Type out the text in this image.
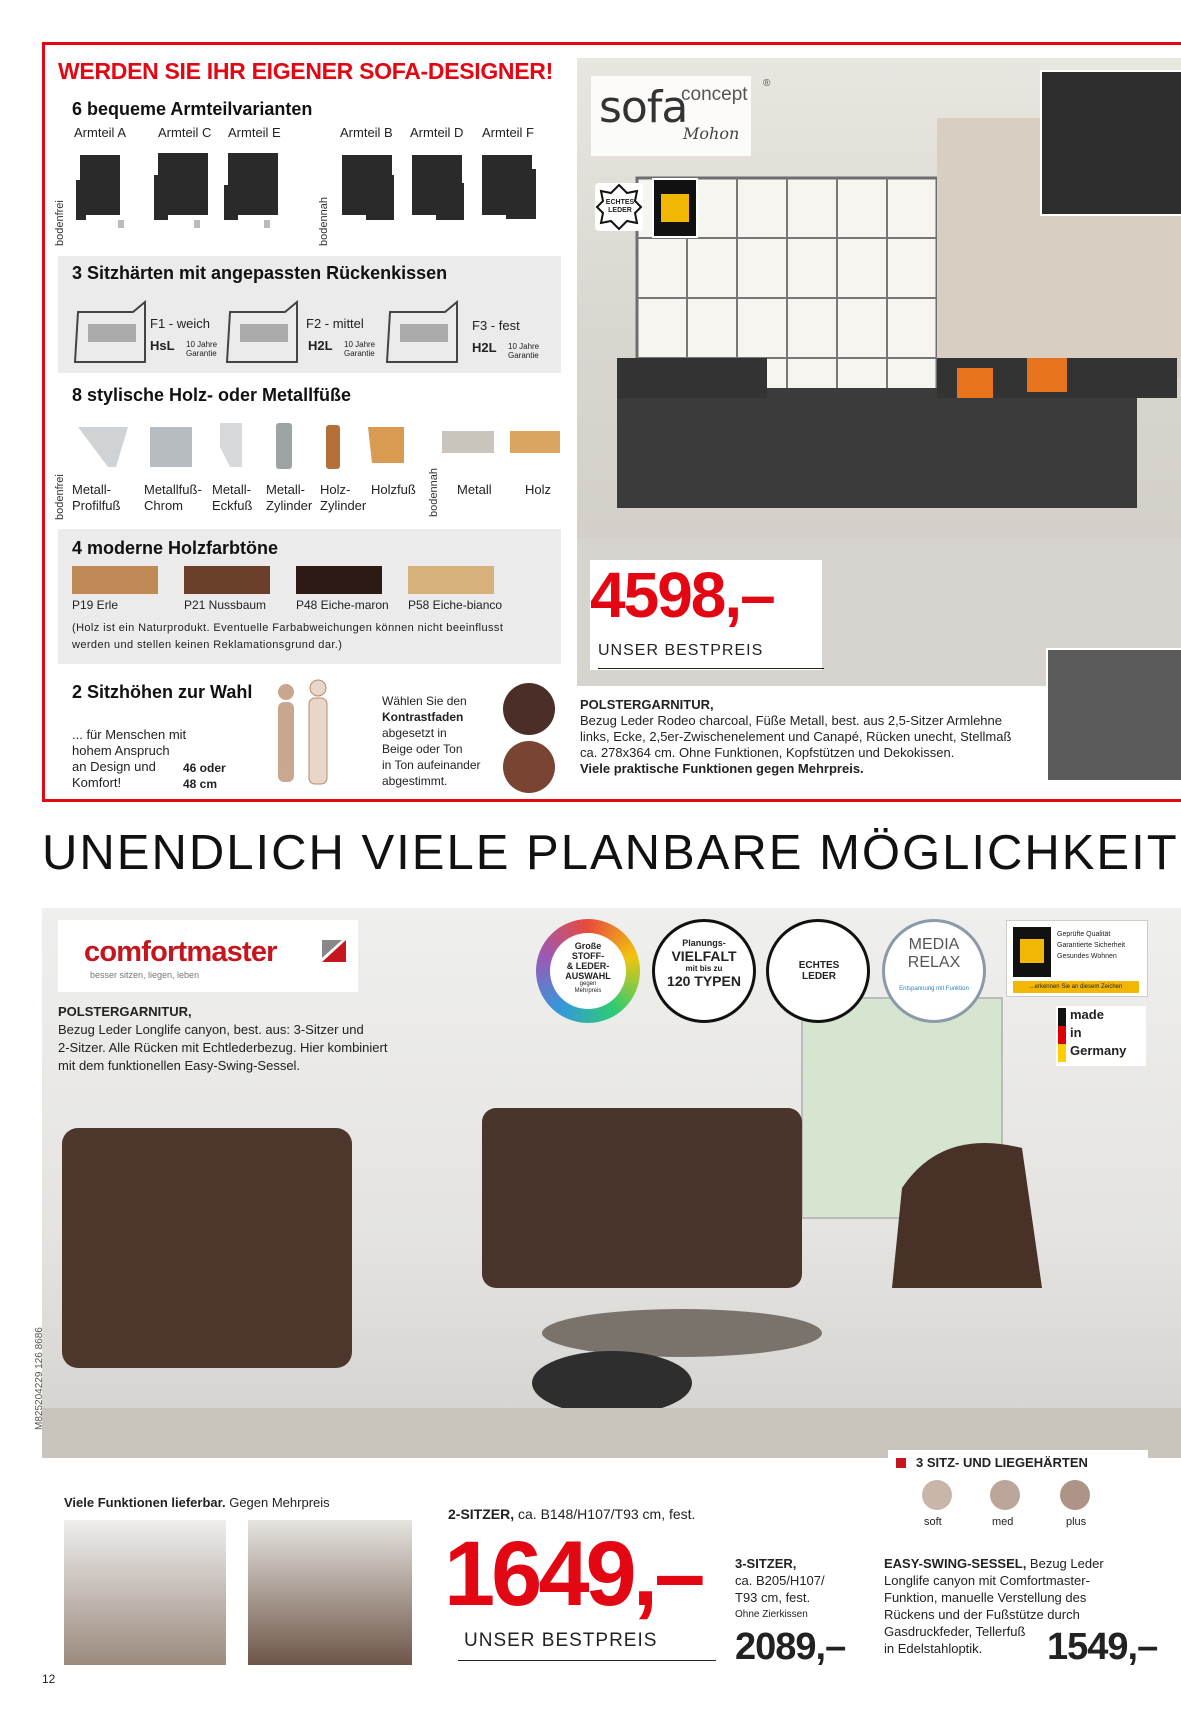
WERDEN SIE IHR EIGENER SOFA-DESIGNER!
6 bequeme Armteilvarianten
bodenfrei	bodennah
Armteil A Armteil C Armteil E	Armteil B Armteil D Armteil F
3 Sitzhärten mit angepassten Rückenkissen
F1 - weich	F2 - mittel	F3 - fest
HsL	H2L	H2L
10 Jahre Garantie
10 Jahre Garantie
10 Jahre Garantie
8 stylische Holz- oder Metallfüße
bodenfrei	bodennah
Metall-
Profilfuß
Metallfuß-
Chrom
Metall-
Eckfuß
Metall-
Zylinder
Holz-
Zylinder
Holzfuß	Metall	Holz
4 moderne Holzfarbtöne
P19 Erle	P21 Nussbaum P48 Eiche-maron P58 Eiche-bianco
(Holz ist ein Naturprodukt. Eventuelle Farbabweichungen können nicht beeinflusst
werden und stellen keinen Reklamationsgrund dar.)
2 Sitzhöhen zur Wahl
... für Menschen mit
hohem Anspruch
an Design und
Komfort!
46 oder
48 cm
Wählen Sie den
Kontrastfaden
abgesetzt in
Beige oder Ton
in Ton aufeinander
abgestimmt.
sofa
concept
®
Mohon
ECHTES LEDER
4598,–
UNSER BESTPREIS
POLSTERGARNITUR,
Bezug Leder Rodeo charcoal, Füße Metall, best. aus 2,5-Sitzer Armlehne
links, Ecke, 2,5er-Zwischenelement und Canapé, Rücken unecht, Stellmaß
ca. 278x364 cm. Ohne Funktionen, Kopfstützen und Dekokissen.
Viele praktische Funktionen gegen Mehrpreis.
UNENDLICH VIELE PLANBARE MÖGLICHKEIT
comfortmaster
besser sitzen, liegen, leben
POLSTERGARNITUR,
Bezug Leder Longlife canyon, best. aus: 3-Sitzer und
2-Sitzer. Alle Rücken mit Echtlederbezug. Hier kombiniert
mit dem funktionellen Easy-Swing-Sessel.
Große
STOFF-
& LEDER-
AUSWAHL
gegen
Mehrpreis
Planungs-
VIELFALT
mit bis zu
120 TYPEN
ECHTES LEDER
MEDIA
RELAX
Entspannung mit Funktion
Geprüfte Qualität
Garantierte Sicherheit
Gesundes Wohnen
...erkennen Sie an diesem Zeichen
made
in
Germany
M825204229 126 8686
3 SITZ- UND LIEGEHÄRTEN
soft	med	plus
Viele Funktionen lieferbar. Gegen Mehrpreis
2-SITZER, ca. B148/H107/T93 cm, fest.
1649,–
UNSER BESTPREIS
3-SITZER,
ca. B205/H107/
T93 cm, fest.
Ohne Zierkissen
2089,–
EASY-SWING-SESSEL, Bezug Leder
Longlife canyon mit Comfortmaster-
Funktion, manuelle Verstellung des
Rückens und der Fußstütze durch
Gasdruckfeder, Tellerfuß
in Edelstahloptik.	1549,–
12
